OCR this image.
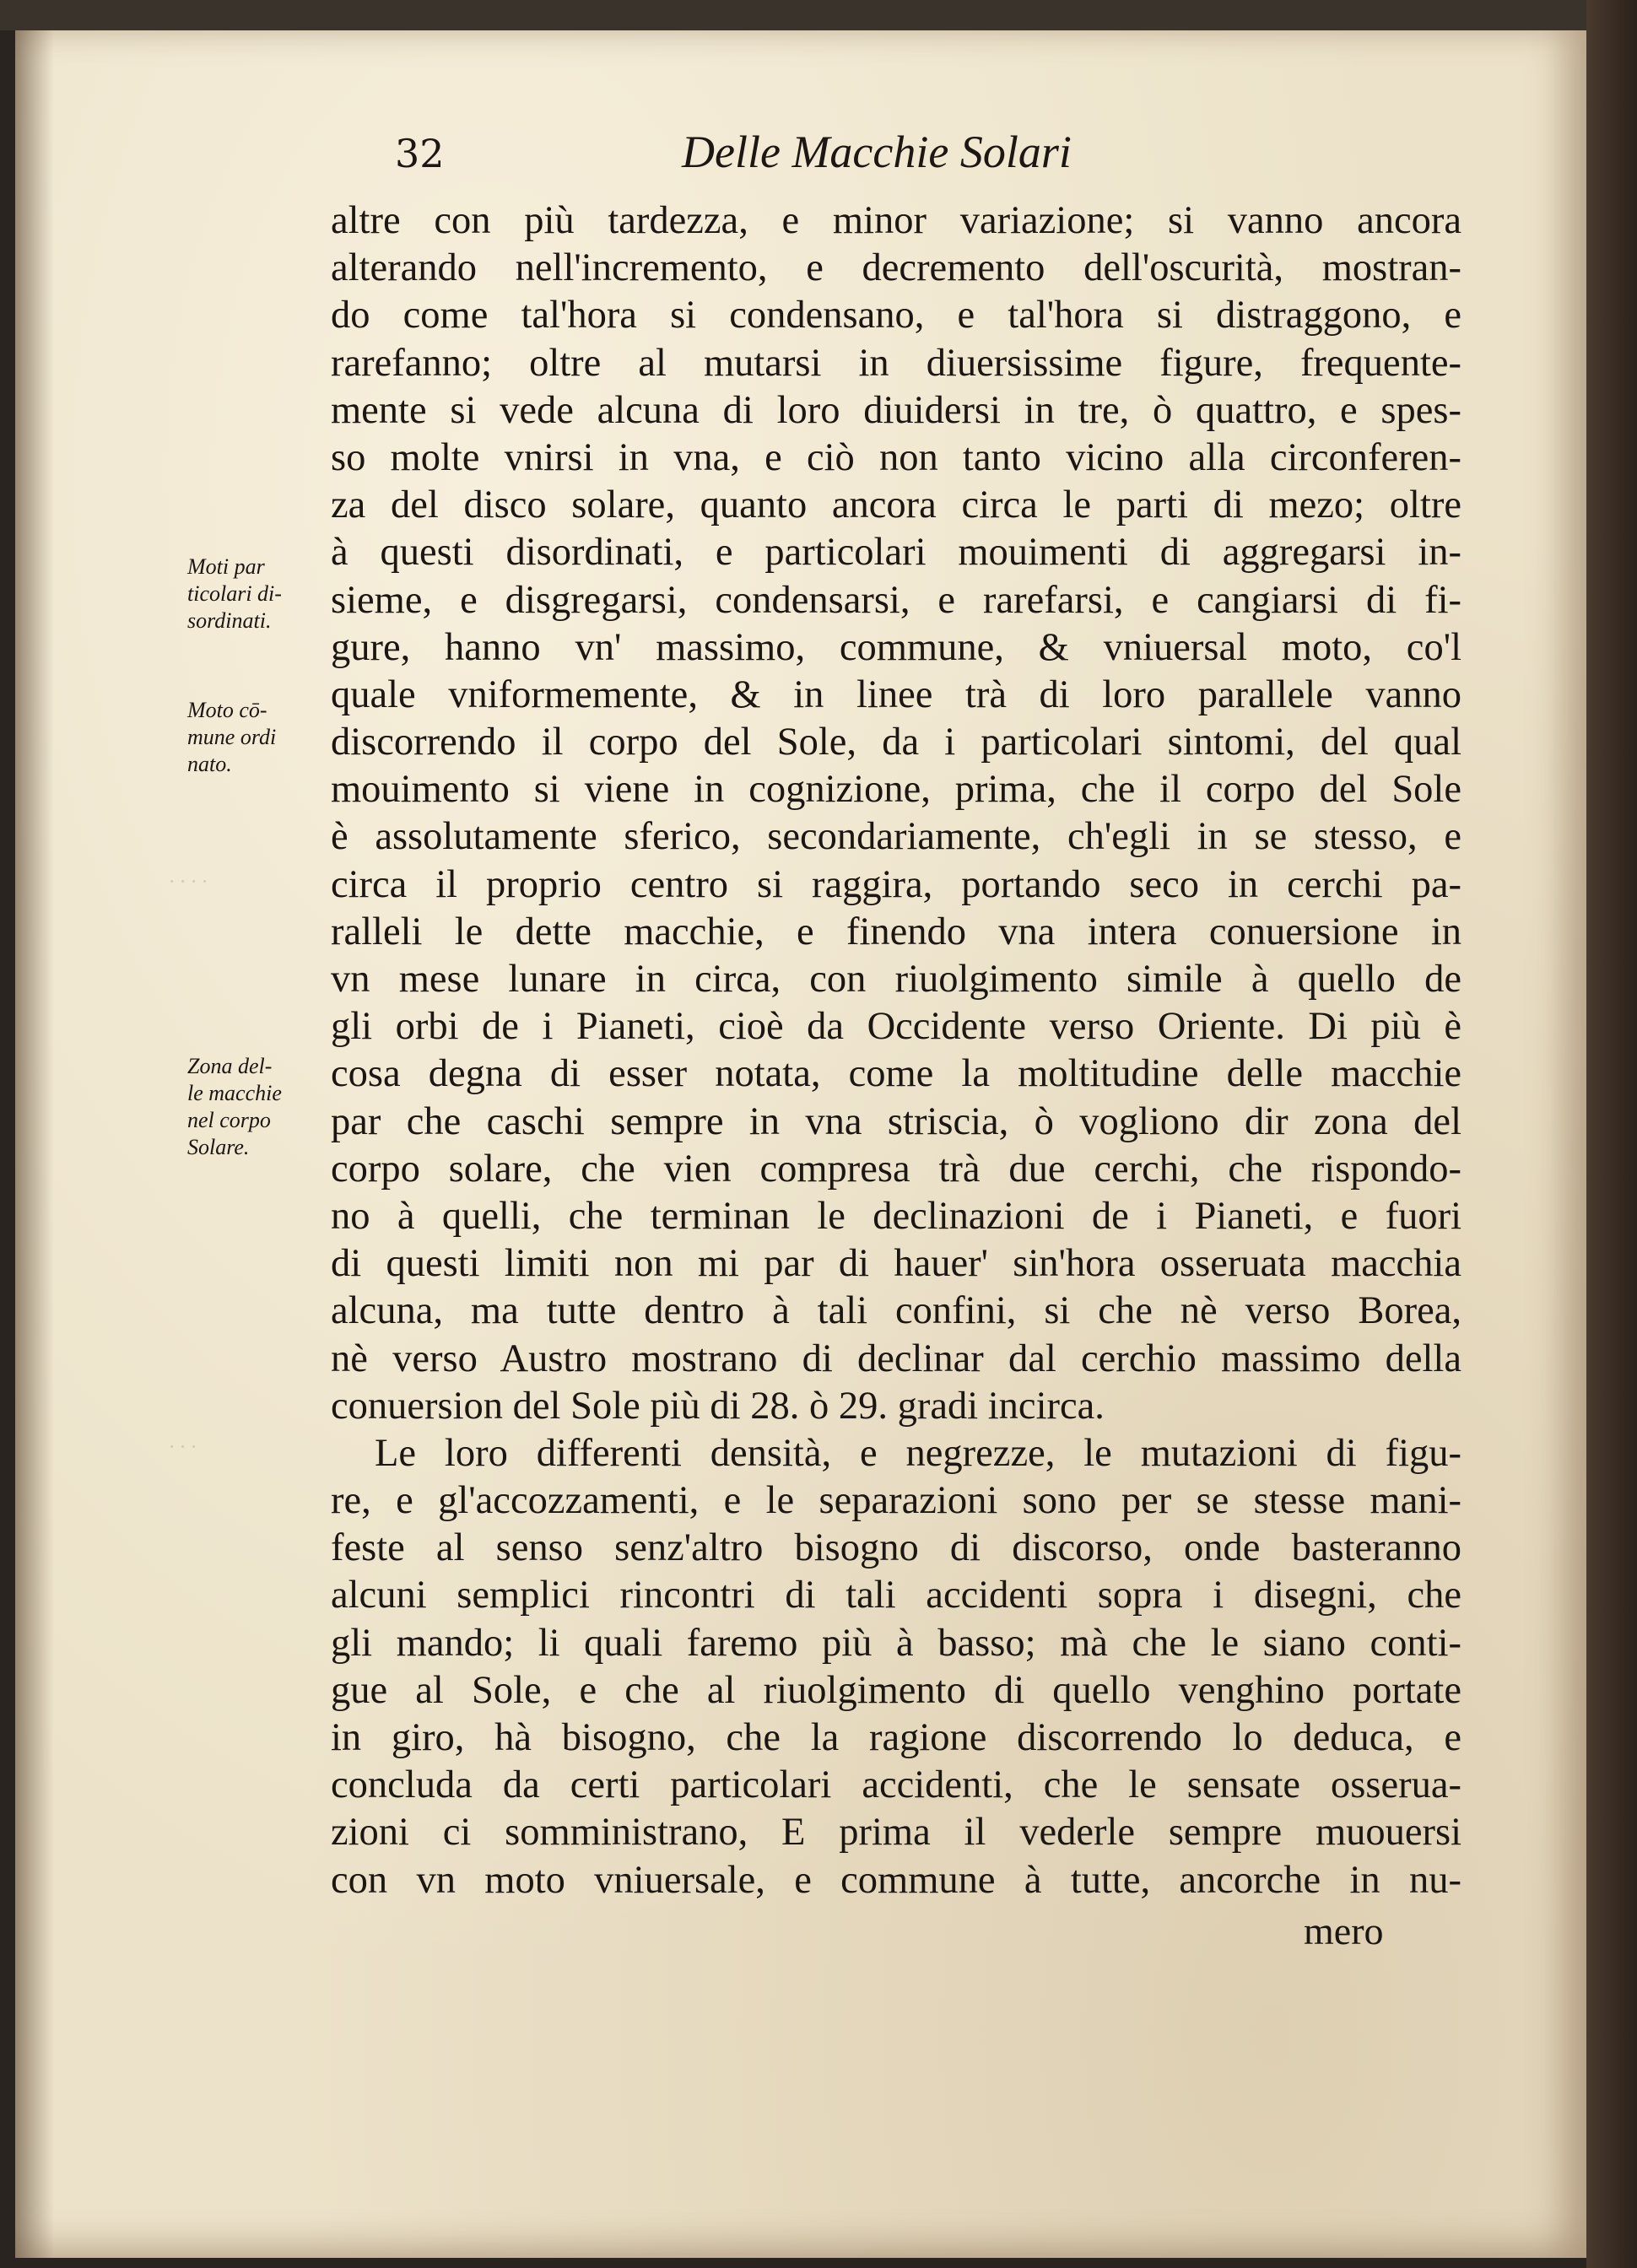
· · · ·
· · ·
32	Delle Macchie Solari
altre con più tardezza, e minor variazione; si vanno ancora
alterando nell'incremento, e decremento dell'oscurità, mostran-
do come tal'hora si condensano, e tal'hora si distraggono, e
rarefanno; oltre al mutarsi in diuersissime figure, frequente-
mente si vede alcuna di loro diuidersi in tre, ò quattro, e spes-
so molte vnirsi in vna, e ciò non tanto vicino alla circonferen-
za del disco solare, quanto ancora circa le parti di mezo; oltre
à questi disordinati, e particolari mouimenti di aggregarsi in-
sieme, e disgregarsi, condensarsi, e rarefarsi, e cangiarsi di fi-
gure, hanno vn' massimo, commune, & vniuersal moto, co'l
quale vniformemente, & in linee trà di loro parallele vanno
discorrendo il corpo del Sole, da i particolari sintomi, del qual
mouimento si viene in cognizione, prima, che il corpo del Sole
è assolutamente sferico, secondariamente, ch'egli in se stesso, e
circa il proprio centro si raggira, portando seco in cerchi pa-
ralleli le dette macchie, e finendo vna intera conuersione in
vn mese lunare in circa, con riuolgimento simile à quello de
gli orbi de i Pianeti, cioè da Occidente verso Oriente. Di più è
cosa degna di esser notata, come la moltitudine delle macchie
par che caschi sempre in vna striscia, ò vogliono dir zona del
corpo solare, che vien compresa trà due cerchi, che rispondo-
no à quelli, che terminan le declinazioni de i Pianeti, e fuori
di questi limiti non mi par di hauer' sin'hora osseruata macchia
alcuna, ma tutte dentro à tali confini, si che nè verso Borea,
nè verso Austro mostrano di declinar dal cerchio massimo della
conuersion del Sole più di 28. ò 29. gradi incirca.
Le loro differenti densità, e negrezze, le mutazioni di figu-
re, e gl'accozzamenti, e le separazioni sono per se stesse mani-
feste al senso senz'altro bisogno di discorso, onde basteranno
alcuni semplici rincontri di tali accidenti sopra i disegni, che
gli mando; li quali faremo più à basso; mà che le siano conti-
gue al Sole, e che al riuolgimento di quello venghino portate
in giro, hà bisogno, che la ragione discorrendo lo deduca, e
concluda da certi particolari accidenti, che le sensate osserua-
zioni ci somministrano, E prima il vederle sempre muouersi
con vn moto vniuersale, e commune à tutte, ancorche in nu-
Moti par
ticolari di-
sordinati.
Moto cō-
mune ordi
nato.
Zona del-
le macchie
nel corpo
Solare.
mero
